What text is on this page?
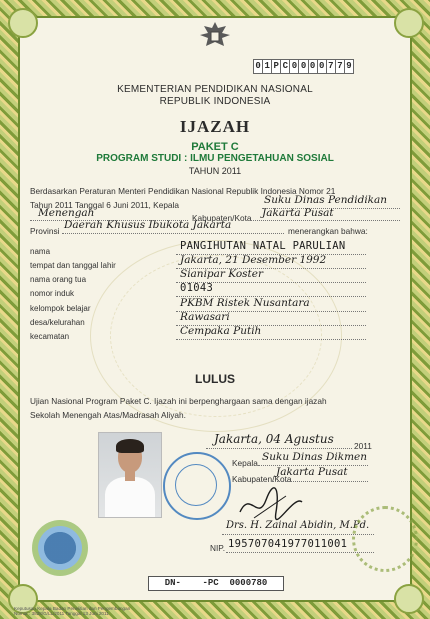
0 1 P C 0 0 0 0 7 7 9
KEMENTERIAN PENDIDIKAN NASIONAL
REPUBLIK INDONESIA
IJAZAH
PAKET C
PROGRAM STUDI : ILMU PENGETAHUAN SOSIAL
TAHUN 2011
Berdasarkan Peraturan Menteri Pendidikan Nasional Republik Indonesia Nomor 21
Tahun 2011 Tanggal 6 Juni 2011, Kepala	Suku Dinas Pendidikan
Menengah	Kabupaten/Kota Jakarta Pusat
Provinsi Daerah Khusus Ibukota Jakarta	menerangkan bahwa:
nama	PANGIHUTAN NATAL PARULIAN
tempat dan tanggal lahir	Jakarta, 21 Desember 1992
nama orang tua	Sianipar Koster
nomor induk	01043
kelompok belajar	PKBM Ristek Nusantara
desa/kelurahan	Rawasari
kecamatan	Cempaka Putih
LULUS
Ujian Nasional Program Paket C. Ijazah ini berpenghargaan sama dengan ijazah
Sekolah Menengah Atas/Madrasah Aliyah.
Jakarta, 04 Agustus 2011
Kepala Suku Dinas Dikmen
Kabupaten/Kota
Jakarta Pusat
Drs. H. Zainal Abidin, M.Pd.
NIP. 195707041977011001
DN-    -PC  0000780
Keputusan Kepala Badan Penelitian dan Pengembangan
Nomor : 3828/G/LL/2011 Tanggal 13 Juni 2011
